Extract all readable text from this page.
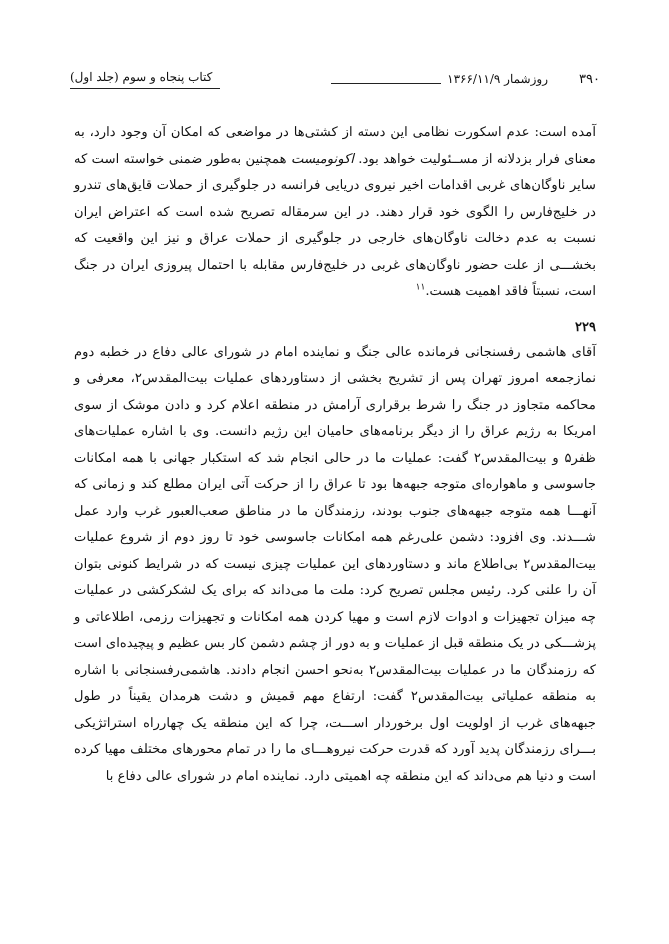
۳۹۰
روزشمار ۱۳۶۶/۱۱/۹
کتاب پنجاه و سوم (جلد اول)

آمده است: عدم اسکورت نظامی این دسته از کشتی‌ها در مواضعی که امکان آن وجود دارد، به معنای فرار بزدلانه از مســئولیت خواهد بود. اکونومیست همچنین به‌طور ضمنی خواسته است که سایر ناوگان‌های غربی اقدامات اخیر نیروی دریایی فرانسه در جلوگیری از حملات قایق‌های تندرو در خلیج‌فارس را الگوی خود قرار دهند. در این سرمقاله تصریح شده است که اعتراض ایران نسبت به عدم دخالت ناوگان‌های خارجی در جلوگیری از حملات عراق و نیز این واقعیت که بخشـــی از علت حضور ناوگان‌های غربی در خلیج‌فارس مقابله با احتمال پیروزی ایران در جنگ است، نسبتاً فاقد اهمیت هست.$^{۱۱}$

۲۲۹

آقای هاشمی رفسنجانی فرمانده عالی جنگ و نماینده امام در شورای عالی دفاع در خطبه دوم نمازجمعه امروز تهران پس از تشریح بخشی از دستاوردهای عملیات بیت‌المقدس۲، معرفی و محاکمه متجاوز در جنگ را شرط برقراری آرامش در منطقه اعلام کرد و دادن موشک از سوی امریکا به رژیم عراق را از دیگر برنامه‌های حامیان این رژیم دانست. وی با اشاره عملیات‌های ظفر۵ و بیت‌المقدس۲ گفت: عملیات ما در حالی انجام شد که استکبار جهانی با همه امکانات جاسوسی و ماهواره‌ای متوجه جبهه‌ها بود تا عراق را از حرکت آتی ایران مطلع کند و زمانی که آنهـــا همه متوجه جبهه‌های جنوب بودند، رزمندگان ما در مناطق صعب‌العبور غرب وارد عمل شـــدند. وی افزود: دشمن علی‌رغم همه امکانات جاسوسی خود تا روز دوم از شروع عملیات بیت‌المقدس۲ بی‌اطلاع ماند و دستاوردهای این عملیات چیزی نیست که در شرایط کنونی بتوان آن را علنی کرد. رئیس مجلس تصریح کرد: ملت ما می‌داند که برای یک لشکرکشی در عملیات چه میزان تجهیزات و ادوات لازم است و مهیا کردن همه امکانات و تجهیزات رزمی، اطلاعاتی و پزشـــکی در یک منطقه قبل از عملیات و به دور از چشم دشمن کار بس عظیم و پیچیده‌ای است که رزمندگان ما در عملیات بیت‌المقدس۲ به‌نحو احسن انجام دادند. هاشمی‌رفسنجانی با اشاره به منطقه عملیاتی بیت‌المقدس۲ گفت: ارتفاع مهم قمیش و دشت هرمدان یقیناً در طول جبهه‌های غرب از اولویت اول برخوردار اســـت، چرا که این منطقه یک چهارراه استراتژیکی بـــرای رزمندگان پدید آورد که قدرت حرکت نیروهـــای ما را در تمام محورهای مختلف مهیا کرده است و دنیا هم می‌داند که این منطقه چه اهمیتی دارد. نماینده امام در شورای عالی دفاع با
